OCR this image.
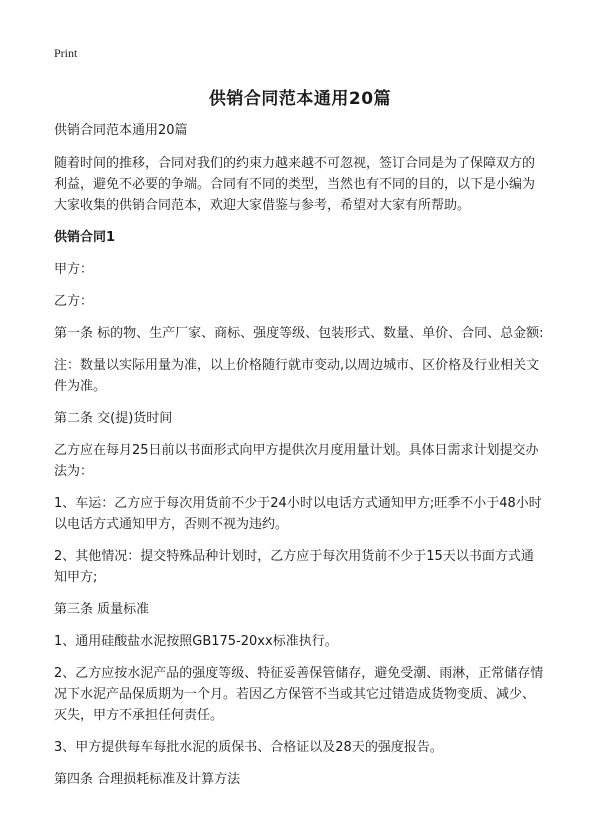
Print
供销合同范本通用20篇

供销合同范本通用20篇

随着时间的推移，合同对我们的约束力越来越不可忽视，签订合同是为了保障双方的利益，避免不必要的争端。合同有不同的类型，当然也有不同的目的，以下是小编为大家收集的供销合同范本，欢迎大家借鉴与参考，希望对大家有所帮助。

供销合同1

甲方：

乙方：

第一条 标的物、生产厂家、商标、强度等级、包装形式、数量、单价、合同、总金额:

注：数量以实际用量为准，以上价格随行就市变动,以周边城市、区价格及行业相关文件为准。

第二条 交(提)货时间

乙方应在每月25日前以书面形式向甲方提供次月度用量计划。具体日需求计划提交办法为：

1、车运：乙方应于每次用货前不少于24小时以电话方式通知甲方;旺季不小于48小时以电话方式通知甲方，否则不视为违约。

2、其他情况：提交特殊品种计划时，乙方应于每次用货前不少于15天以书面方式通知甲方;

第三条 质量标准

1、通用硅酸盐水泥按照GB175-20xx标准执行。

2、乙方应按水泥产品的强度等级、特征妥善保管储存，避免受潮、雨淋，正常储存情况下水泥产品保质期为一个月。若因乙方保管不当或其它过错造成货物变质、减少、灭失，甲方不承担任何责任。

3、甲方提供每车每批水泥的质保书、合格证以及28天的强度报告。

第四条 合理损耗标准及计算方法
